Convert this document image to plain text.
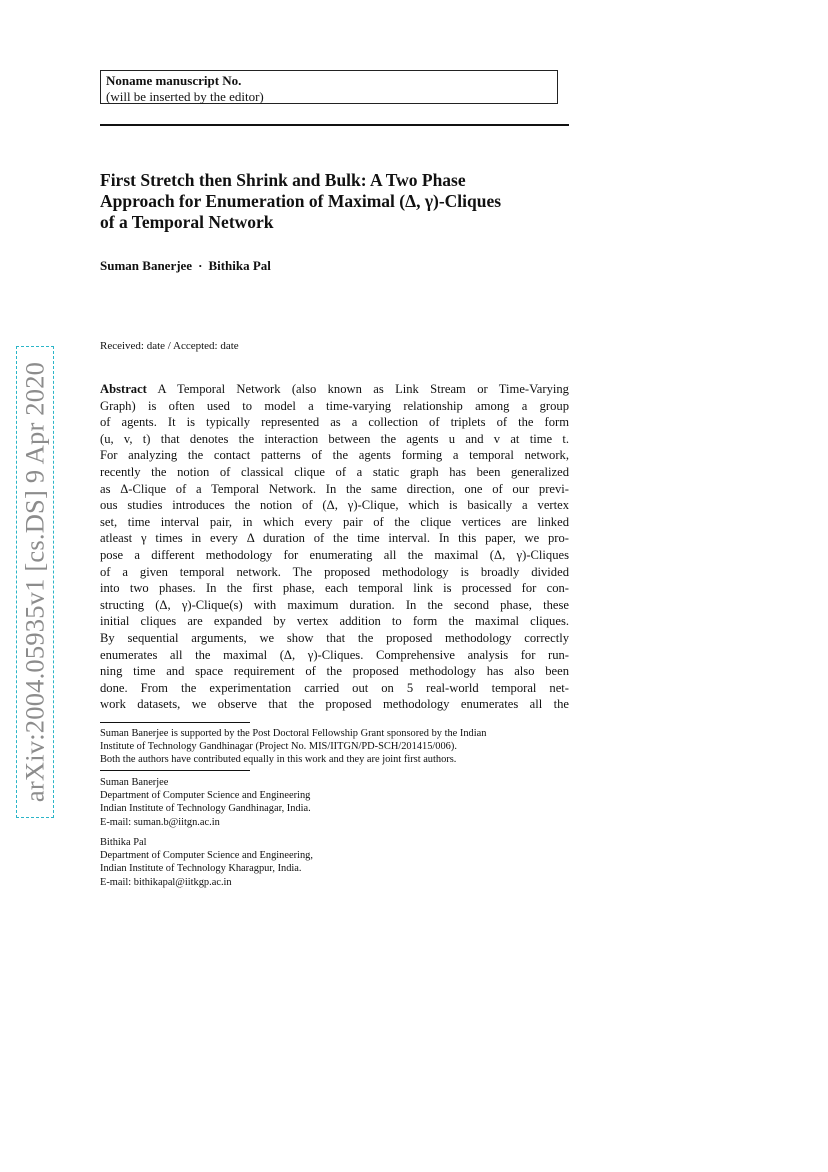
Noname manuscript No.
(will be inserted by the editor)
First Stretch then Shrink and Bulk: A Two Phase
Approach for Enumeration of Maximal (Δ, γ)-Cliques
of a Temporal Network
Suman Banerjee · Bithika Pal
Received: date / Accepted: date
Abstract A Temporal Network (also known as Link Stream or Time-Varying
Graph) is often used to model a time-varying relationship among a group
of agents. It is typically represented as a collection of triplets of the form
(u, v, t) that denotes the interaction between the agents u and v at time t.
For analyzing the contact patterns of the agents forming a temporal network,
recently the notion of classical clique of a static graph has been generalized
as Δ-Clique of a Temporal Network. In the same direction, one of our previ-
ous studies introduces the notion of (Δ, γ)-Clique, which is basically a vertex
set, time interval pair, in which every pair of the clique vertices are linked
atleast γ times in every Δ duration of the time interval. In this paper, we pro-
pose a different methodology for enumerating all the maximal (Δ, γ)-Cliques
of a given temporal network. The proposed methodology is broadly divided
into two phases. In the first phase, each temporal link is processed for con-
structing (Δ, γ)-Clique(s) with maximum duration. In the second phase, these
initial cliques are expanded by vertex addition to form the maximal cliques.
By sequential arguments, we show that the proposed methodology correctly
enumerates all the maximal (Δ, γ)-Cliques. Comprehensive analysis for run-
ning time and space requirement of the proposed methodology has also been
done. From the experimentation carried out on 5 real-world temporal net-
work datasets, we observe that the proposed methodology enumerates all the
Suman Banerjee is supported by the Post Doctoral Fellowship Grant sponsored by the Indian
Institute of Technology Gandhinagar (Project No. MIS/IITGN/PD-SCH/201415/006).
Both the authors have contributed equally in this work and they are joint first authors.
Suman Banerjee
Department of Computer Science and Engineering
Indian Institute of Technology Gandhinagar, India.
E-mail: suman.b@iitgn.ac.in
Bithika Pal
Department of Computer Science and Engineering,
Indian Institute of Technology Kharagpur, India.
E-mail: bithikapal@iitkgp.ac.in
arXiv:2004.05935v1 [cs.DS] 9 Apr 2020
